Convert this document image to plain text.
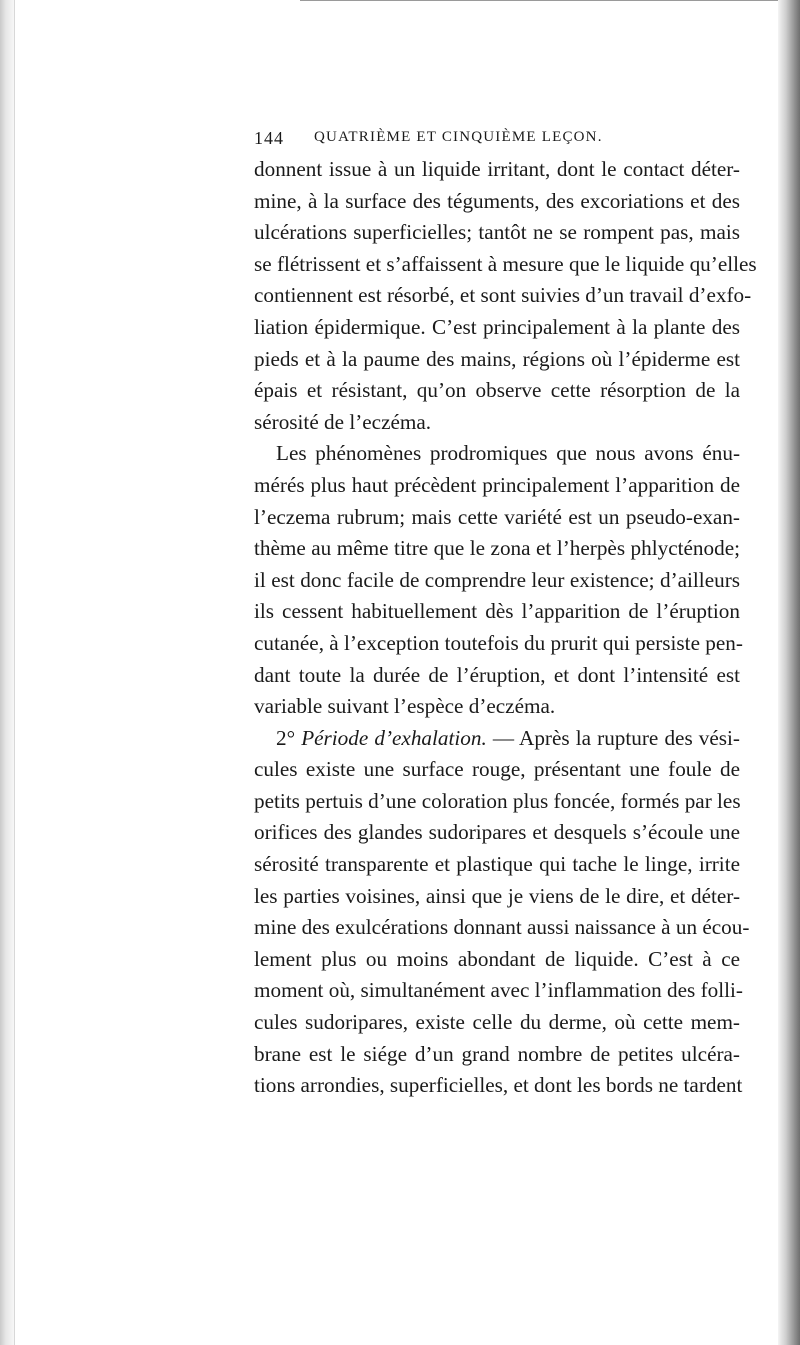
144 QUATRIÈME ET CINQUIÈME LEÇON.
donnent issue à un liquide irritant, dont le contact déter-
mine, à la surface des téguments, des excoriations et des
ulcérations superficielles; tantôt ne se rompent pas, mais
se flétrissent et s’affaissent à mesure que le liquide qu’elles
contiennent est résorbé, et sont suivies d’un travail d’exfo-
liation épidermique. C’est principalement à la plante des
pieds et à la paume des mains, régions où l’épiderme est
épais et résistant, qu’on observe cette résorption de la
sérosité de l’eczéma.
Les phénomènes prodromiques que nous avons énu-
mérés plus haut précèdent principalement l’apparition de
l’eczema rubrum; mais cette variété est un pseudo-exan-
thème au même titre que le zona et l’herpès phlycténode;
il est donc facile de comprendre leur existence; d’ailleurs
ils cessent habituellement dès l’apparition de l’éruption
cutanée, à l’exception toutefois du prurit qui persiste pen-
dant toute la durée de l’éruption, et dont l’intensité est
variable suivant l’espèce d’eczéma.
2° Période d’exhalation. — Après la rupture des vési-
cules existe une surface rouge, présentant une foule de
petits pertuis d’une coloration plus foncée, formés par les
orifices des glandes sudoripares et desquels s’écoule une
sérosité transparente et plastique qui tache le linge, irrite
les parties voisines, ainsi que je viens de le dire, et déter-
mine des exulcérations donnant aussi naissance à un écou-
lement plus ou moins abondant de liquide. C’est à ce
moment où, simultanément avec l’inflammation des folli-
cules sudoripares, existe celle du derme, où cette mem-
brane est le siége d’un grand nombre de petites ulcéra-
tions arrondies, superficielles, et dont les bords ne tardent
